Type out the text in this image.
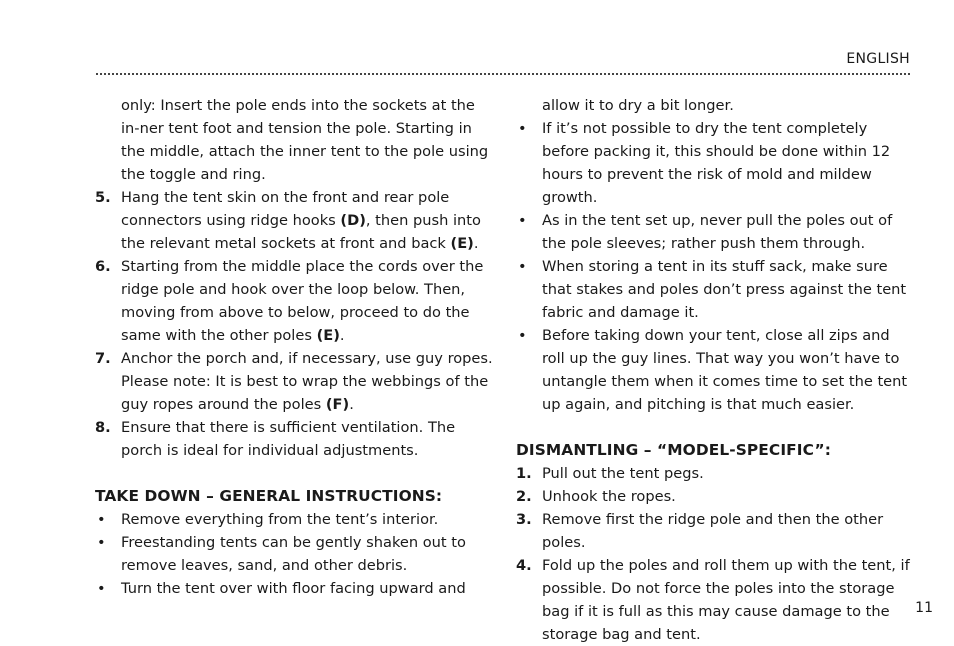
ENGLISH
only: Insert the pole ends into the sockets at the in-ner tent foot and tension the pole. Starting in the middle, attach the inner tent to the pole using the toggle and ring.
5. Hang the tent skin on the front and rear pole connectors using ridge hooks (D), then push into the relevant metal sockets at front and back (E).
6. Starting from the middle place the cords over the ridge pole and hook over the loop below. Then, moving from above to below, proceed to do the same with the other poles (E).
7. Anchor the porch and, if necessary, use guy ropes. Please note: It is best to wrap the webbings of the guy ropes around the poles (F).
8. Ensure that there is sufficient ventilation. The porch is ideal for individual adjustments.
TAKE DOWN – GENERAL INSTRUCTIONS:
•	Remove everything from the tent’s interior.
•	Freestanding tents can be gently shaken out to remove leaves, sand, and other debris.
•	Turn the tent over with floor facing upward and
allow it to dry a bit longer.
•	If it’s not possible to dry the tent completely before packing it, this should be done within 12 hours to prevent the risk of mold and mildew growth.
•	As in the tent set up, never pull the poles out of the pole sleeves; rather push them through.
•	When storing a tent in its stuff sack, make sure that stakes and poles don’t press against the tent fabric and damage it.
•	Before taking down your tent, close all zips and roll up the guy lines. That way you won’t have to untangle them when it comes time to set the tent up again, and pitching is that much easier.
DISMANTLING – “MODEL-SPECIFIC”:
1. Pull out the tent pegs.
2. Unhook the ropes.
3. Remove first the ridge pole and then the other poles.
4. Fold up the poles and roll them up with the tent, if possible. Do not force the poles into the storage bag if it is full as this may cause damage to the storage bag and tent.
11
